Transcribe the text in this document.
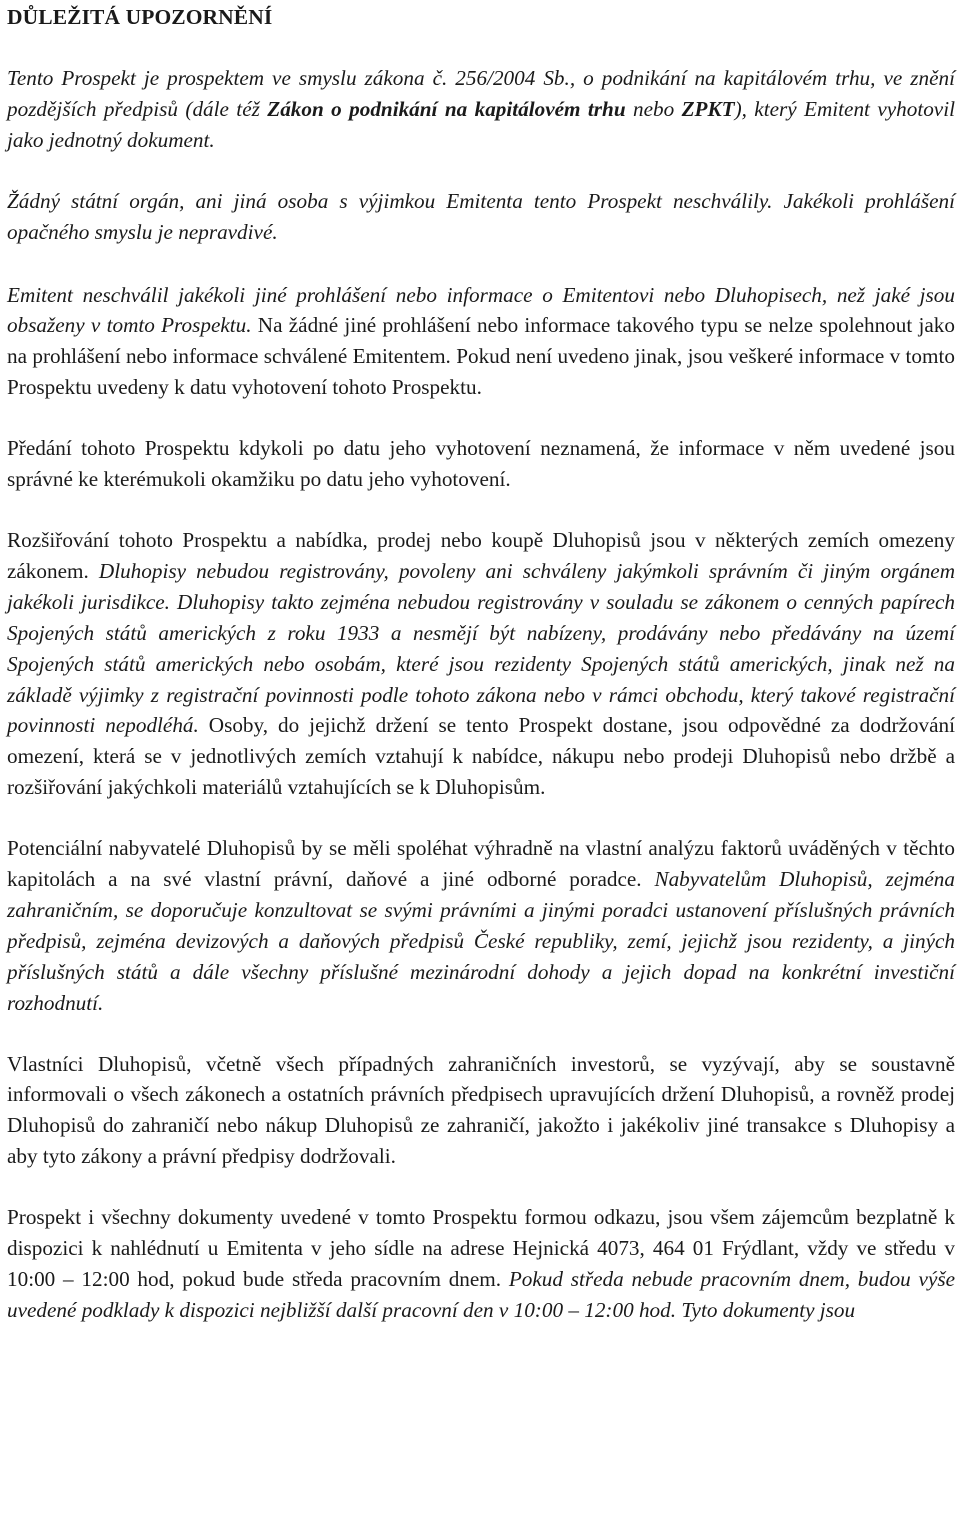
DŮLEŽITÁ UPOZORNĚNÍ

Tento Prospekt je prospektem ve smyslu zákona č. 256/2004 Sb., o podnikání na kapitálovém trhu, ve znění pozdějších předpisů (dále též Zákon o podnikání na kapitálovém trhu nebo ZPKT), který Emitent vyhotovil jako jednotný dokument.

Žádný státní orgán, ani jiná osoba s výjimkou Emitenta tento Prospekt neschválily. Jakékoli prohlášení opačného smyslu je nepravdivé.

Emitent neschválil jakékoli jiné prohlášení nebo informace o Emitentovi nebo Dluhopisech, než jaké jsou obsaženy v tomto Prospektu. Na žádné jiné prohlášení nebo informace takového typu se nelze spolehnout jako na prohlášení nebo informace schválené Emitentem. Pokud není uvedeno jinak, jsou veškeré informace v tomto Prospektu uvedeny k datu vyhotovení tohoto Prospektu.

Předání tohoto Prospektu kdykoli po datu jeho vyhotovení neznamená, že informace v něm uvedené jsou správné ke kterémukoli okamžiku po datu jeho vyhotovení.

Rozšiřování tohoto Prospektu a nabídka, prodej nebo koupě Dluhopisů jsou v některých zemích omezeny zákonem. Dluhopisy nebudou registrovány, povoleny ani schváleny jakýmkoli správním či jiným orgánem jakékoli jurisdikce. Dluhopisy takto zejména nebudou registrovány v souladu se zákonem o cenných papírech Spojených států amerických z roku 1933 a nesmějí být nabízeny, prodávány nebo předávány na území Spojených států amerických nebo osobám, které jsou rezidenty Spojených států amerických, jinak než na základě výjimky z registrační povinnosti podle tohoto zákona nebo v rámci obchodu, který takové registrační povinnosti nepodléhá. Osoby, do jejichž držení se tento Prospekt dostane, jsou odpovědné za dodržování omezení, která se v jednotlivých zemích vztahují k nabídce, nákupu nebo prodeji Dluhopisů nebo držbě a rozšiřování jakýchkoli materiálů vztahujících se k Dluhopisům.

Potenciální nabyvatelé Dluhopisů by se měli spoléhat výhradně na vlastní analýzu faktorů uváděných v těchto kapitolách a na své vlastní právní, daňové a jiné odborné poradce. Nabyvatelům Dluhopisů, zejména zahraničním, se doporučuje konzultovat se svými právními a jinými poradci ustanovení příslušných právních předpisů, zejména devizových a daňových předpisů České republiky, zemí, jejichž jsou rezidenty, a jiných příslušných států a dále všechny příslušné mezinárodní dohody a jejich dopad na konkrétní investiční rozhodnutí.

Vlastníci Dluhopisů, včetně všech případných zahraničních investorů, se vyzývají, aby se soustavně informovali o všech zákonech a ostatních právních předpisech upravujících držení Dluhopisů, a rovněž prodej Dluhopisů do zahraničí nebo nákup Dluhopisů ze zahraničí, jakožto i jakékoliv jiné transakce s Dluhopisy a aby tyto zákony a právní předpisy dodržovali.

Prospekt i všechny dokumenty uvedené v tomto Prospektu formou odkazu, jsou všem zájemcům bezplatně k dispozici k nahlédnutí u Emitenta v jeho sídle na adrese Hejnická 4073, 464 01 Frýdlant, vždy ve středu v 10:00 – 12:00 hod, pokud bude středa pracovním dnem. Pokud středa nebude pracovním dnem, budou výše uvedené podklady k dispozici nejbližší další pracovní den v 10:00 – 12:00 hod. Tyto dokumenty jsou
